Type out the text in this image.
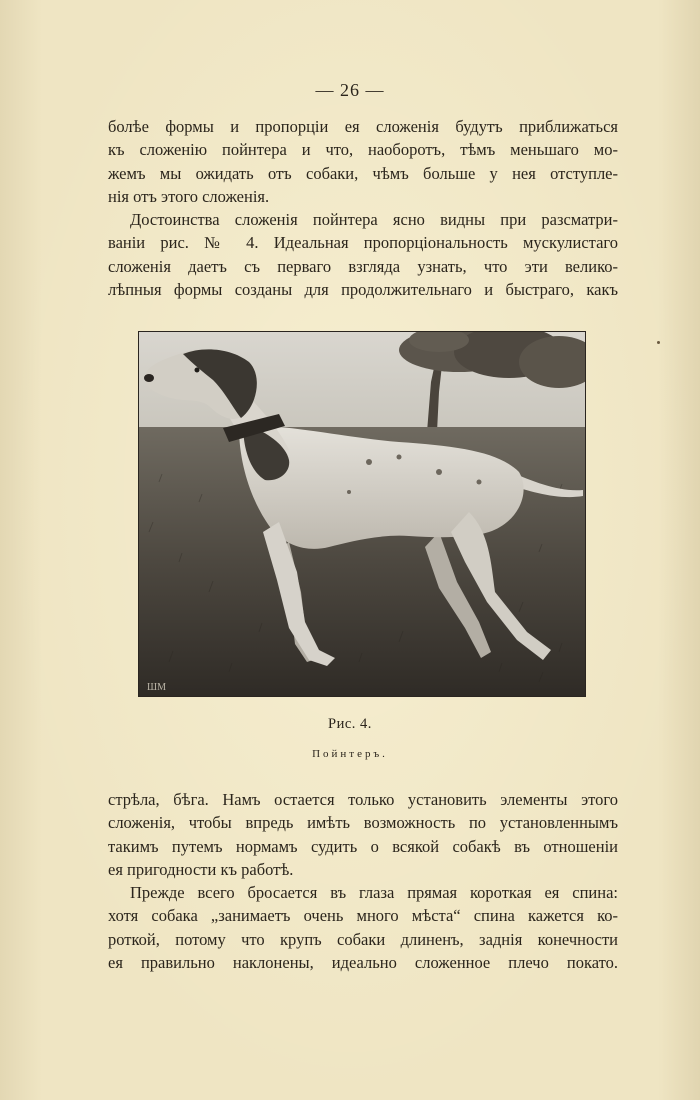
— 26 —
болѣе формы и пропорціи ея сложенія будутъ приближаться
къ сложенію пойнтера и что, наоборотъ, тѣмъ меньшаго мо-
жемъ мы ожидать отъ собаки, чѣмъ больше у нея отступле-
нія отъ этого сложенія.
Достоинства сложенія пойнтера ясно видны при разсматри-
ваніи рис. № 4. Идеальная пропорціональность мускулистаго
сложенія даетъ съ перваго взгляда узнать, что эти велико-
лѣпныя формы созданы для продолжительнаго и быстраго, какъ
ШМ
Рис. 4.
Пойнтеръ.
стрѣла, бѣга. Намъ остается только установить элементы этого
сложенія, чтобы впредь имѣть возможность по установленнымъ
такимъ путемъ нормамъ судить о всякой собакѣ въ отношеніи
ея пригодности къ работѣ.
Прежде всего бросается въ глаза прямая короткая ея спина:
хотя собака „занимаетъ очень много мѣста“ спина кажется ко-
роткой, потому что крупъ собаки длиненъ, заднія конечности
ея правильно наклонены, идеально сложенное плечо покато.
